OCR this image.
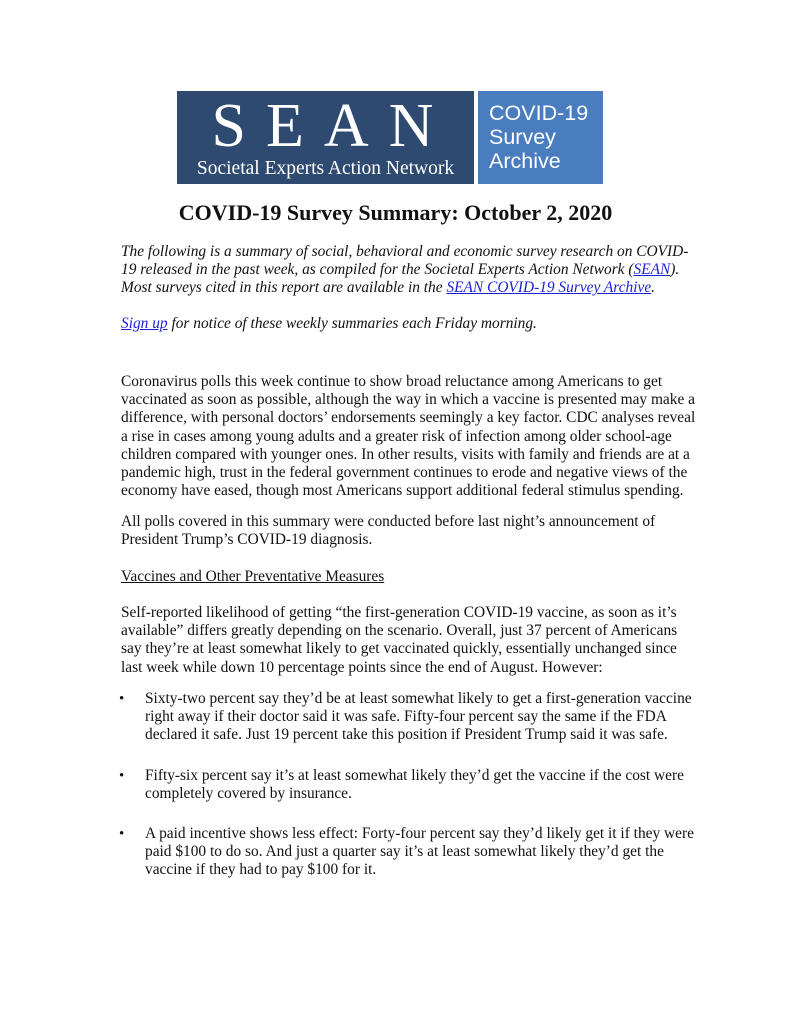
SEAN
Societal Experts Action Network
COVID-19
Survey
Archive
COVID-19 Survey Summary: October 2, 2020
The following is a summary of social, behavioral and economic survey research on COVID-19 released in the past week, as compiled for the Societal Experts Action Network (SEAN). Most surveys cited in this report are available in the SEAN COVID-19 Survey Archive.
Sign up for notice of these weekly summaries each Friday morning.
Coronavirus polls this week continue to show broad reluctance among Americans to get vaccinated as soon as possible, although the way in which a vaccine is presented may make a difference, with personal doctors’ endorsements seemingly a key factor. CDC analyses reveal a rise in cases among young adults and a greater risk of infection among older school-age children compared with younger ones. In other results, visits with family and friends are at a pandemic high, trust in the federal government continues to erode and negative views of the economy have eased, though most Americans support additional federal stimulus spending.
All polls covered in this summary were conducted before last night’s announcement of President Trump’s COVID-19 diagnosis.
Vaccines and Other Preventative Measures
Self-reported likelihood of getting “the first-generation COVID-19 vaccine, as soon as it’s available” differs greatly depending on the scenario. Overall, just 37 percent of Americans say they’re at least somewhat likely to get vaccinated quickly, essentially unchanged since last week while down 10 percentage points since the end of August. However:
• Sixty-two percent say they’d be at least somewhat likely to get a first-generation vaccine right away if their doctor said it was safe. Fifty-four percent say the same if the FDA declared it safe. Just 19 percent take this position if President Trump said it was safe.
• Fifty-six percent say it’s at least somewhat likely they’d get the vaccine if the cost were completely covered by insurance.
• A paid incentive shows less effect: Forty-four percent say they’d likely get it if they were paid $100 to do so. And just a quarter say it’s at least somewhat likely they’d get the vaccine if they had to pay $100 for it.
